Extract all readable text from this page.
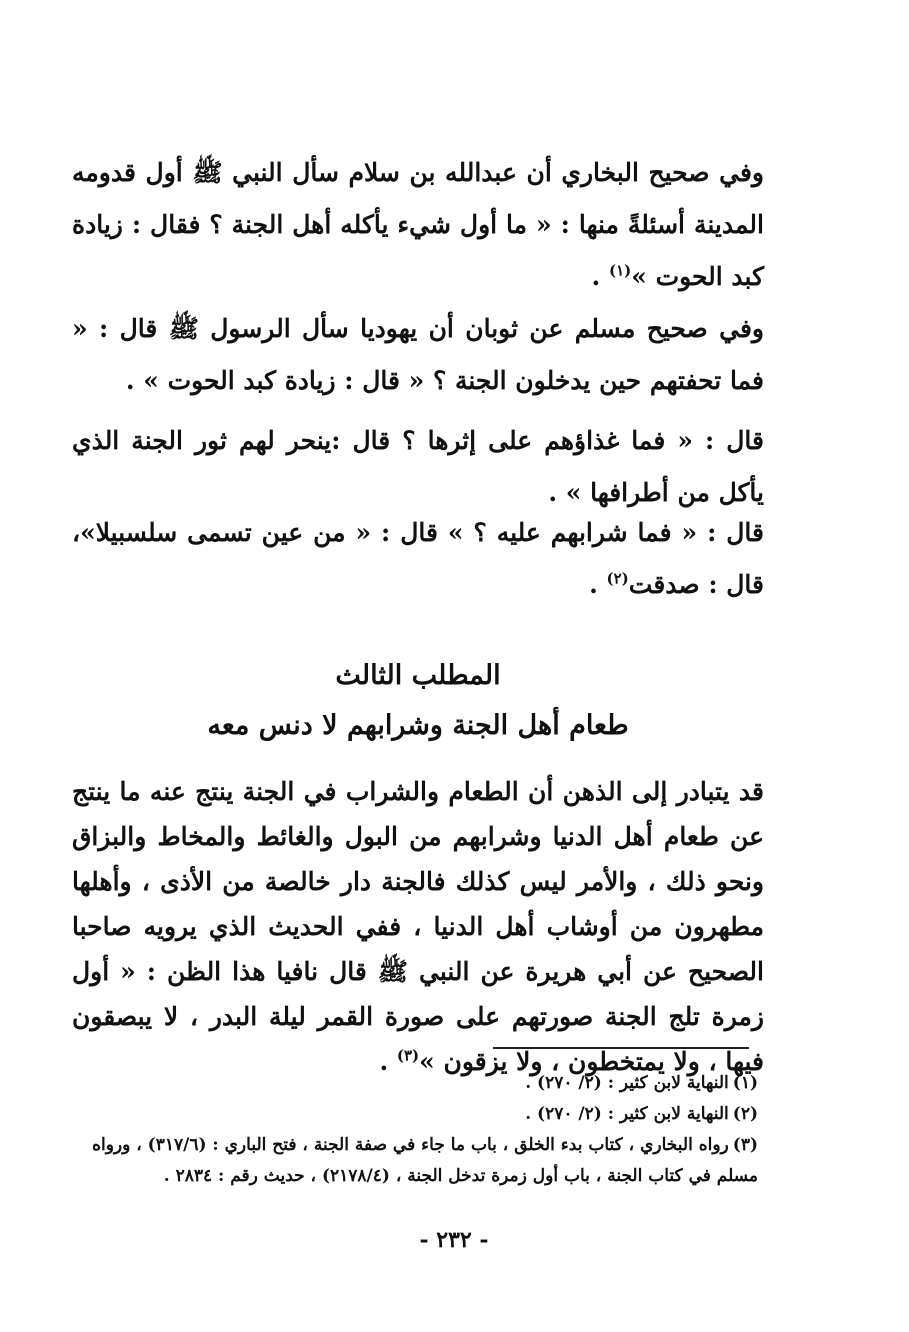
وفي صحيح البخاري أن عبدالله بن سلام سأل النبي ﷺ أول قدومه المدينة أسئلةً منها : « ما أول شيء يأكله أهل الجنة ؟ فقال : زيادة كبد الحوت »$^{(١)}$ .

وفي صحيح مسلم عن ثوبان أن يهوديا سأل الرسول ﷺ قال : « فما تحفتهم حين يدخلون الجنة ؟ « قال : زيادة كبد الحوت » .

قال : « فما غذاؤهم على إثرها ؟ قال :ينحر لهم ثور الجنة الذي يأكل من أطرافها » .

قال : « فما شرابهم عليه ؟ » قال : « من عين تسمى سلسبيلا»، قال : صدقت$^{(٢)}$ .

المطلب الثالث
طعام أهل الجنة وشرابهم لا دنس معه

قد يتبادر إلى الذهن أن الطعام والشراب في الجنة ينتج عنه ما ينتج عن طعام أهل الدنيا وشرابهم من البول والغائط والمخاط والبزاق ونحو ذلك ، والأمر ليس كذلك فالجنة دار خالصة من الأذى ، وأهلها مطهرون من أوشاب أهل الدنيا ، ففي الحديث الذي يرويه صاحبا الصحيح عن أبي هريرة عن النبي ﷺ قال نافيا هذا الظن : « أول زمرة تلج الجنة صورتهم على صورة القمر ليلة البدر ، لا يبصقون فيها ، ولا يمتخطون ، ولا يزقون »$^{(٣)}$ .

(١)النهاية لابن كثير : (٢/ ٢٧٠) .

(٢)النهاية لابن كثير : (٢/ ٢٧٠) .

(٣)رواه البخاري ، كتاب بدء الخلق ، باب ما جاء في صفة الجنة ، فتح الباري : (٣١٧/٦) ، ورواه مسلم في كتاب الجنة ، باب أول زمرة تدخل الجنة ، (٢١٧٨/٤) ، حديث رقم : ٢٨٣٤ .

- ٢٣٢ -
